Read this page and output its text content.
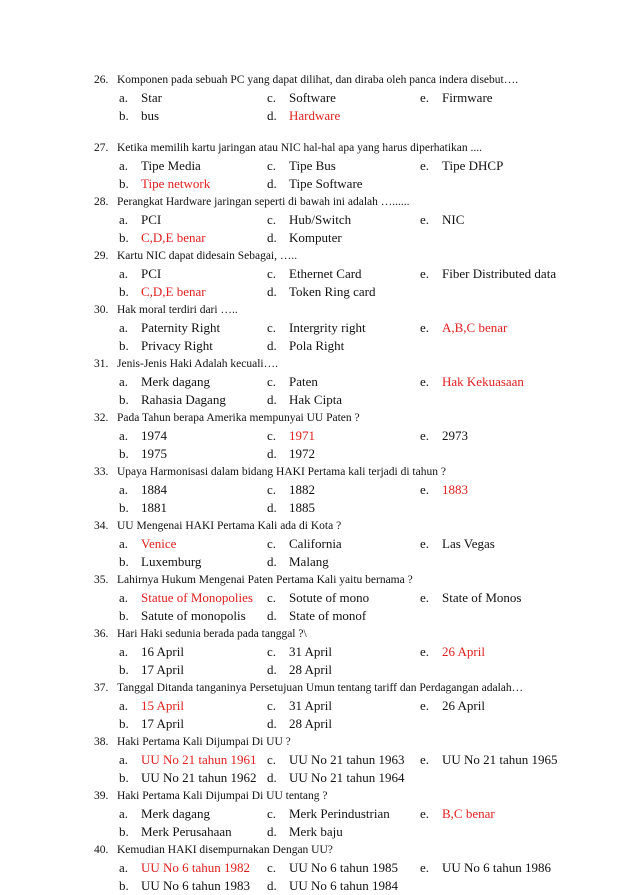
26. Komponen pada sebuah PC yang dapat dilihat, dan diraba oleh panca indera disebut….
a. Star	c. Software	e. Firmware
b. bus	d. Hardware
27. Ketika memilih kartu jaringan atau NIC hal-hal apa yang harus diperhatikan ....
a. Tipe Media	c. Tipe Bus	e. Tipe DHCP
b. Tipe network	d. Tipe Software
28. Perangkat Hardware jaringan seperti di bawah ini adalah …......
a. PCI	c. Hub/Switch	e. NIC
b. C,D,E benar	d. Komputer
29. Kartu NIC dapat didesain Sebagai, …..
a. PCI	c. Ethernet Card	e. Fiber Distributed data
b. C,D,E benar	d. Token Ring card
30. Hak moral terdiri dari …..
a. Paternity Right	c. Intergrity right	e. A,B,C benar
b. Privacy Right	d. Pola Right
31. Jenis-Jenis Haki Adalah kecuali….
a. Merk dagang	c. Paten	e. Hak Kekuasaan
b. Rahasia Dagang	d. Hak Cipta
32. Pada Tahun berapa Amerika mempunyai UU Paten ?
a. 1974	c. 1971	e. 2973
b. 1975	d. 1972
33. Upaya Harmonisasi dalam bidang HAKI Pertama kali terjadi di tahun ?
a. 1884	c. 1882	e. 1883
b. 1881	d. 1885
34. UU Mengenai HAKI Pertama Kali ada di Kota ?
a. Venice	c. California	e. Las Vegas
b. Luxemburg	d. Malang
35. Lahirnya Hukum Mengenai Paten Pertama Kali yaitu bernama ?
a. Statue of Monopolies c. Sotute of mono	e. State of Monos
b. Satute of monopolis d. State of monof
36. Hari Haki sedunia berada pada tanggal ?\
a. 16 April	c. 31 April	e. 26 April
b. 17 April	d. 28 April
37. Tanggal Ditanda tanganinya Persetujuan Umun tentang tariff dan Perdagangan adalah…
a. 15 April	c. 31 April	e. 26 April
b. 17 April	d. 28 April
38. Haki Pertama Kali Dijumpai Di UU ?
a. UU No 21 tahun 1961 c. UU No 21 tahun 1963 e. UU No 21 tahun 1965
b. UU No 21 tahun 1962 d. UU No 21 tahun 1964
39. Haki Pertama Kali Dijumpai Di UU tentang ?
a. Merk dagang	c. Merk Perindustrian e. B,C benar
b. Merk Perusahaan	d. Merk baju
40. Kemudian HAKI disempurnakan Dengan UU?
a. UU No 6 tahun 1982 c. UU No 6 tahun 1985 e. UU No 6 tahun 1986
b. UU No 6 tahun 1983 d. UU No 6 tahun 1984
